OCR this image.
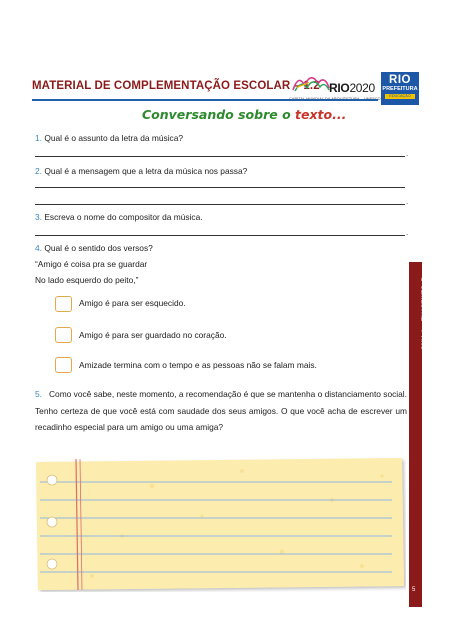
MATERIAL DE COMPLEMENTAÇÃO ESCOLAR – 1.2 RIO2020
RIO
PREFEITURA
EDUCAÇÃO
Conversando sobre o texto...
1. Qual é o assunto da letra da música?
.
2. Qual é a mensagem que a letra da música nos passa?
.
3. Escreva o nome do compositor da música.
.
4. Qual é o sentido dos versos?
“Amigo é coisa pra se guardar
No lado esquerdo do peito,”
Amigo é para ser esquecido.
Amigo é para ser guardado no coração.
Amizade termina com o tempo e as pessoas não se falam mais.
5. Como você sabe, neste momento, a recomendação é que se mantenha o distanciamento social. Tenho certeza de que você está com saudade dos seus amigos. O que você acha de escrever um recadinho especial para um amigo ou uma amiga?
1º SEMESTRE – 4º ANO
5
